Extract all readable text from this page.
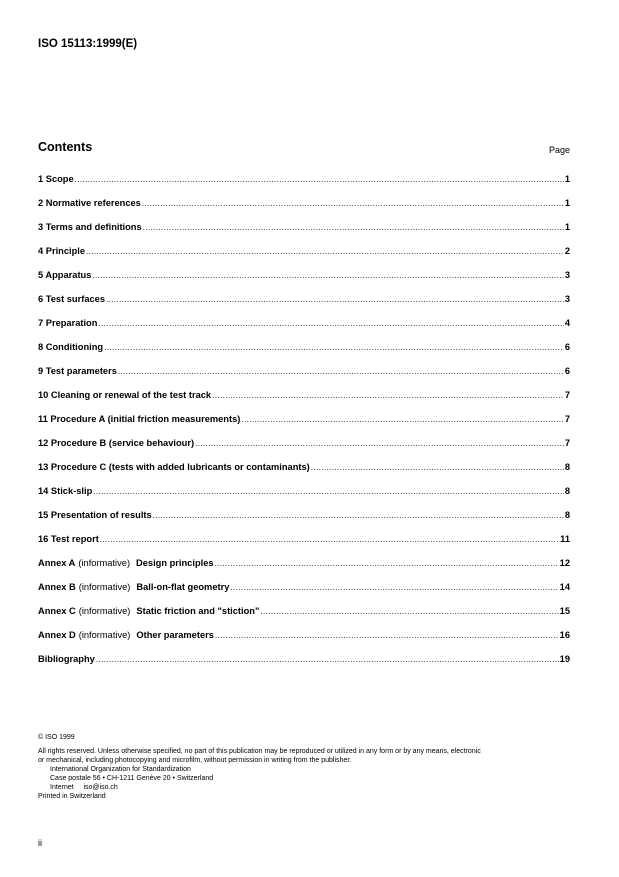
ISO 15113:1999(E)
Contents	Page
1 Scope .....	1
2 Normative references .....	1
3 Terms and definitions .....	1
4 Principle .....	2
5 Apparatus .....	3
6 Test surfaces .....	3
7 Preparation .....	4
8 Conditioning .....	6
9 Test parameters .....	6
10 Cleaning or renewal of the test track .....	7
11 Procedure A (initial friction measurements) .....	7
12 Procedure B (service behaviour) .....	7
13 Procedure C (tests with added lubricants or contaminants) .....	8
14 Stick-slip .....	8
15 Presentation of results .....	8
16 Test report .....	11
Annex A (informative) Design principles .....	12
Annex B (informative) Ball-on-flat geometry .....	14
Annex C (informative) Static friction and "stiction" .....	15
Annex D (informative) Other parameters .....	16
Bibliography .....	19

© ISO 1999

All rights reserved. Unless otherwise specified, no part of this publication may be reproduced or utilized in any form or by any means, electronic

or mechanical, including photocopying and microfilm, without permission in writing from the publisher.

International Organization for Standardization

Case postale 56 • CH-1211 Genève 20 • Switzerland

Internet     iso@iso.ch

Printed in Switzerland

ii
